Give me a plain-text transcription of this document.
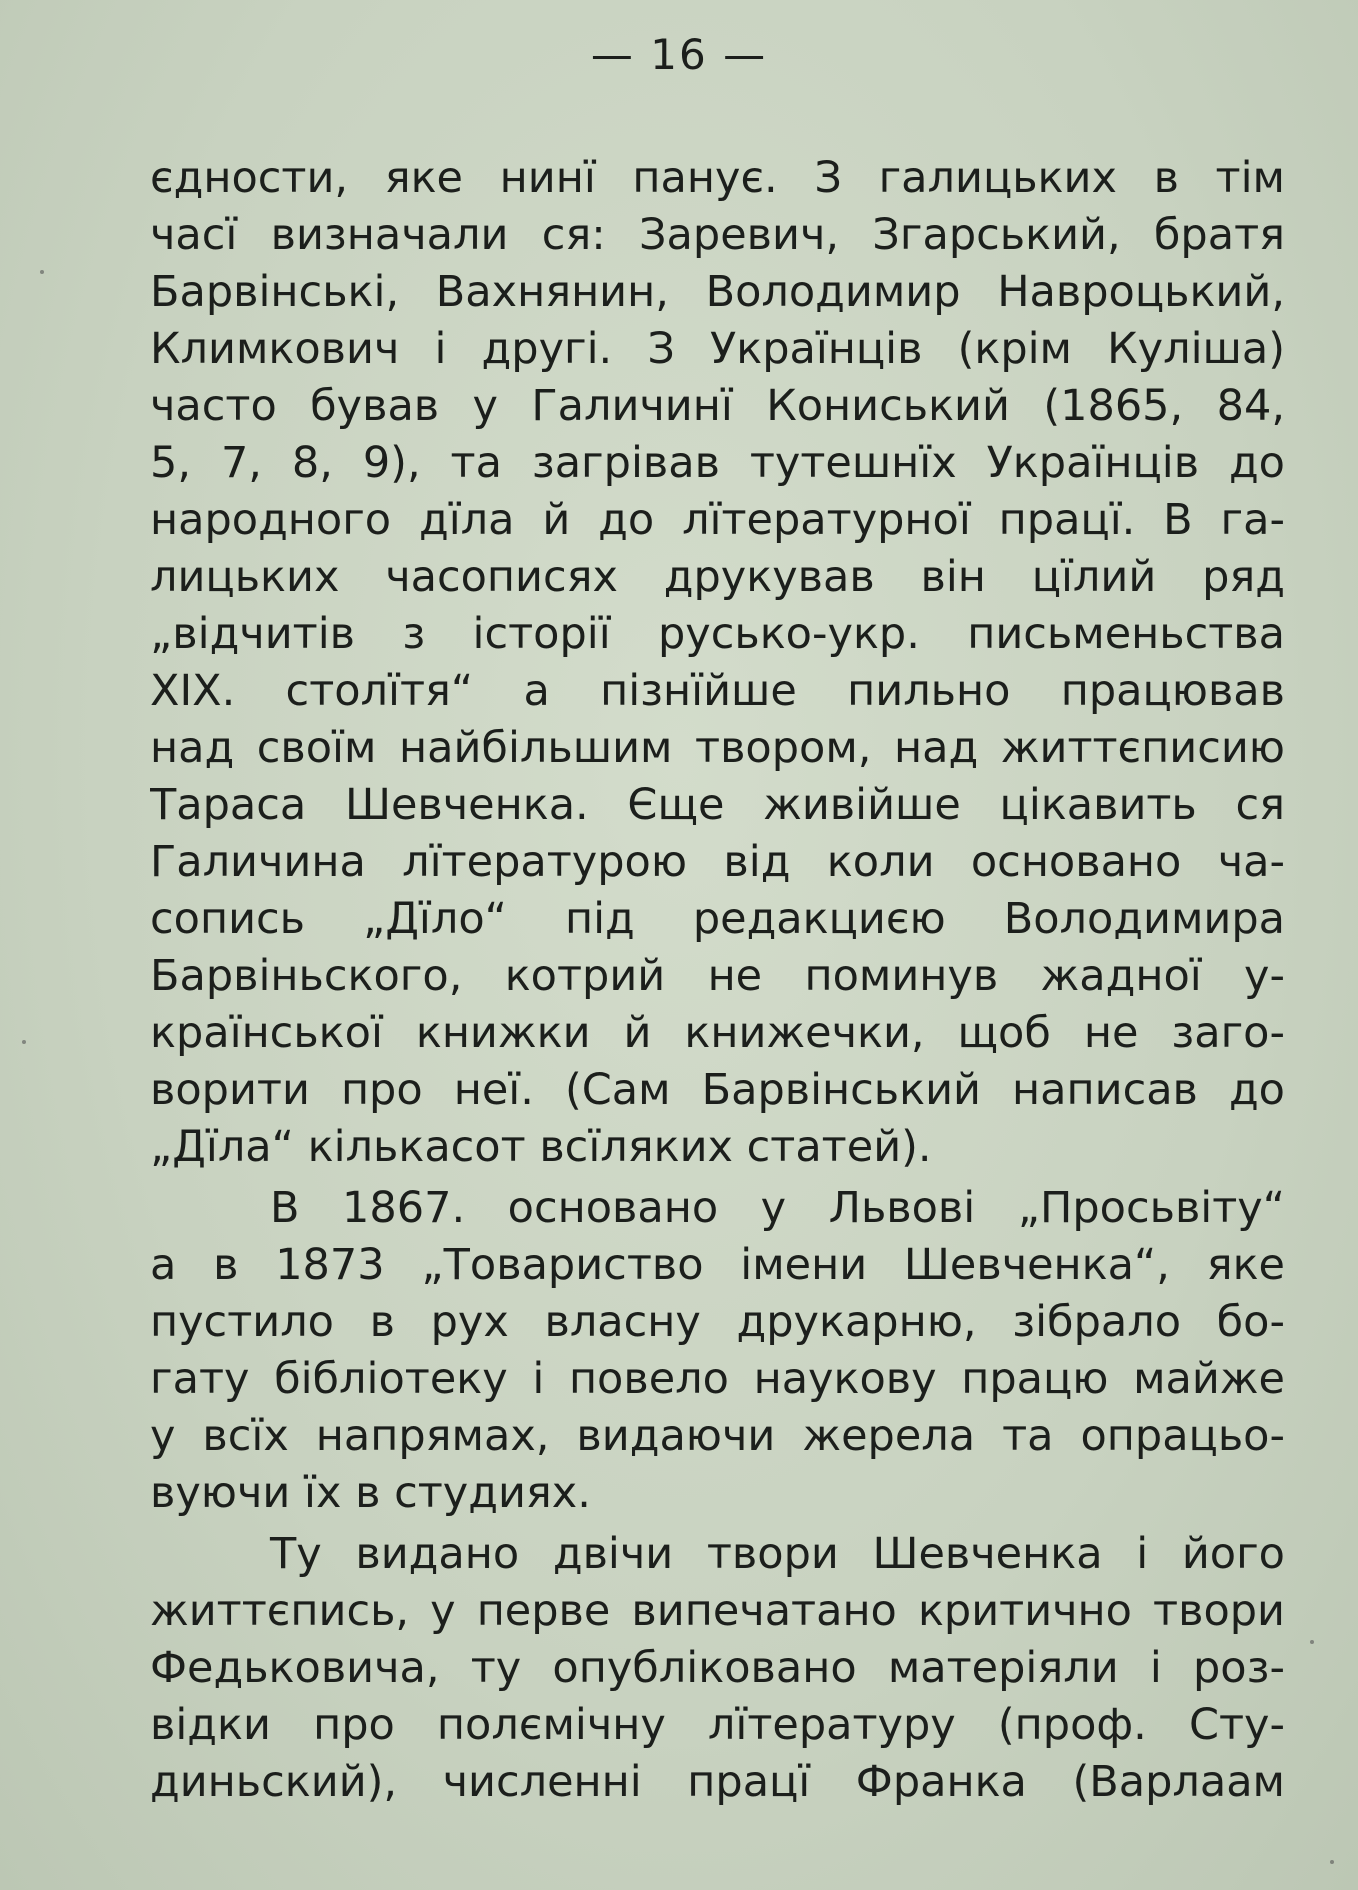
— 16 —
єдности, яке нинї панує. З галицьких в тім
часї визначали ся: Заревич, Згарський, братя
Барвінські, Вахнянин, Володимир Навроцький,
Климкович і другі. З Українців (крім Куліша)
часто бував у Галичинї Кониський (1865, 84,
5, 7, 8, 9), та загрівав тутешнїх Українців до
народного дїла й до лїтературної працї. В га-
лицьких часописях друкував він цїлий ряд
„відчитів з історії русько-укр. письменьства
XIX. столїтя“ а пізнїйше пильно працював
над своїм найбільшим твором, над життєписию
Тараса Шевченка. Єще живійше цікавить ся
Галичина лїтературою від коли основано ча-
сопись „Дїло“ під редакциєю Володимира
Барвіньского, котрий не поминув жадної у-
країнської книжки й книжечки, щоб не заго-
ворити про неї. (Сам Барвінський написав до
„Дїла“ кількасот всїляких статей).
В 1867. основано у Львові „Просьвіту“
а в 1873 „Товариство імени Шевченка“, яке
пустило в рух власну друкарню, зібрало бо-
гату бібліотеку і повело наукову працю майже
у всїх напрямах, видаючи жерела та опрацьо-
вуючи їх в студиях.
Ту видано двічи твори Шевченка і його
життєпись, у перве випечатано критично твори
Федьковича, ту опубліковано матеріяли і роз-
відки про полємічну лїтературу (проф. Сту-
диньский), численні працї Франка (Варлаам
